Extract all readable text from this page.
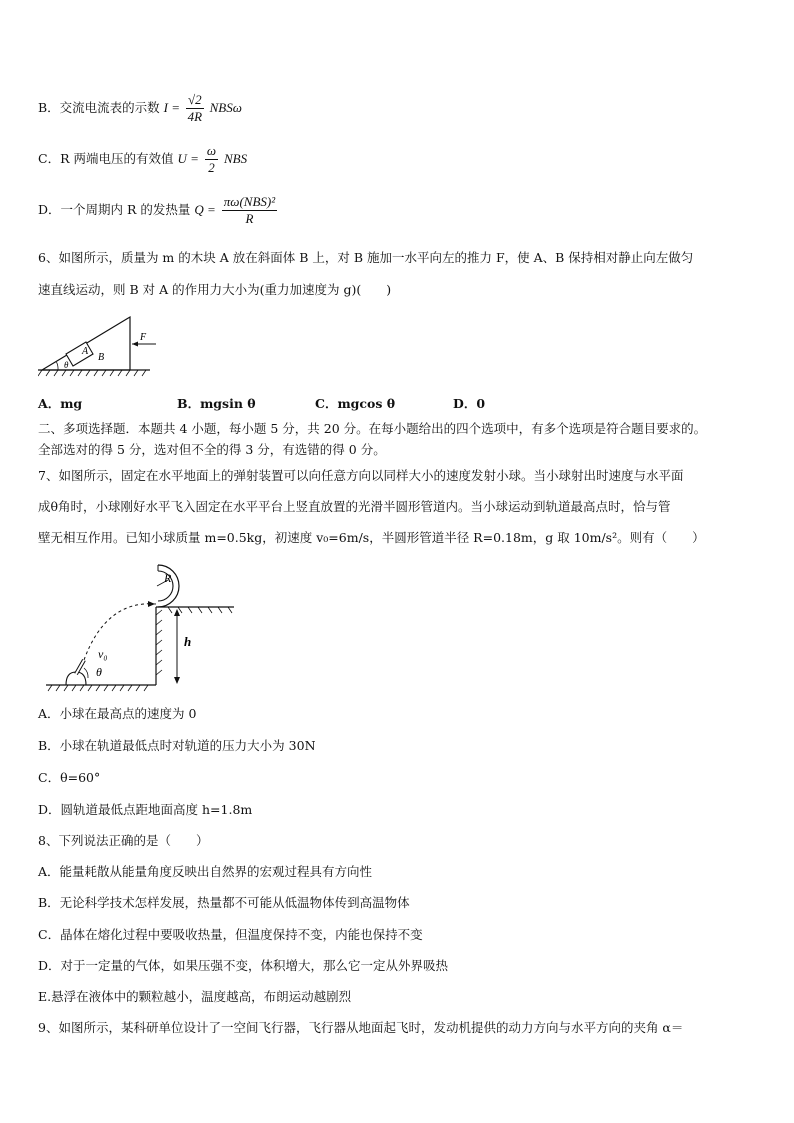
B．交流电流表的示数 $I = \frac{√2}{4R}$ NBSω
C．R 两端电压的有效值 $U = \frac{\omega}{2}$ NBS
D．一个周期内 R 的发热量 $Q = \frac{\text{πω(NBS)²}}{R}$
6、如图所示，质量为 m 的木块 A 放在斜面体 B 上，对 B 施加一水平向左的推力 F，使 A、B 保持相对静止向左做匀
速直线运动，则 B 对 A 的作用力大小为(重力加速度为 g)(　　)
A
B
F
θ
A．mg	B．mgsin θ	C．mgcos θ	D．0
二、多项选择题．本题共 4 小题，每小题 5 分，共 20 分。在每小题给出的四个选项中，有多个选项是符合题目要求的。
全部选对的得 5 分，选对但不全的得 3 分，有选错的得 0 分。
7、如图所示，固定在水平地面上的弹射装置可以向任意方向以同样大小的速度发射小球。当小球射出时速度与水平面
成θ角时，小球刚好水平飞入固定在水平平台上竖直放置的光滑半圆形管道内。当小球运动到轨道最高点时，恰与管
壁无相互作用。已知小球质量 m=0.5kg，初速度 v₀=6m/s，半圆形管道半径 R=0.18m，g 取 10m/s²。则有（　　）
R
h
v₀
θ
A．小球在最高点的速度为 0
B．小球在轨道最低点时对轨道的压力大小为 30N
C．θ=60°
D．圆轨道最低点距地面高度 h=1.8m
8、下列说法正确的是（　　）
A．能量耗散从能量角度反映出自然界的宏观过程具有方向性
B．无论科学技术怎样发展，热量都不可能从低温物体传到高温物体
C．晶体在熔化过程中要吸收热量，但温度保持不变，内能也保持不变
D．对于一定量的气体，如果压强不变，体积增大，那么它一定从外界吸热
E.悬浮在液体中的颗粒越小，温度越高，布朗运动越剧烈
9、如图所示，某科研单位设计了一空间飞行器，飞行器从地面起飞时，发动机提供的动力方向与水平方向的夹角 α＝
